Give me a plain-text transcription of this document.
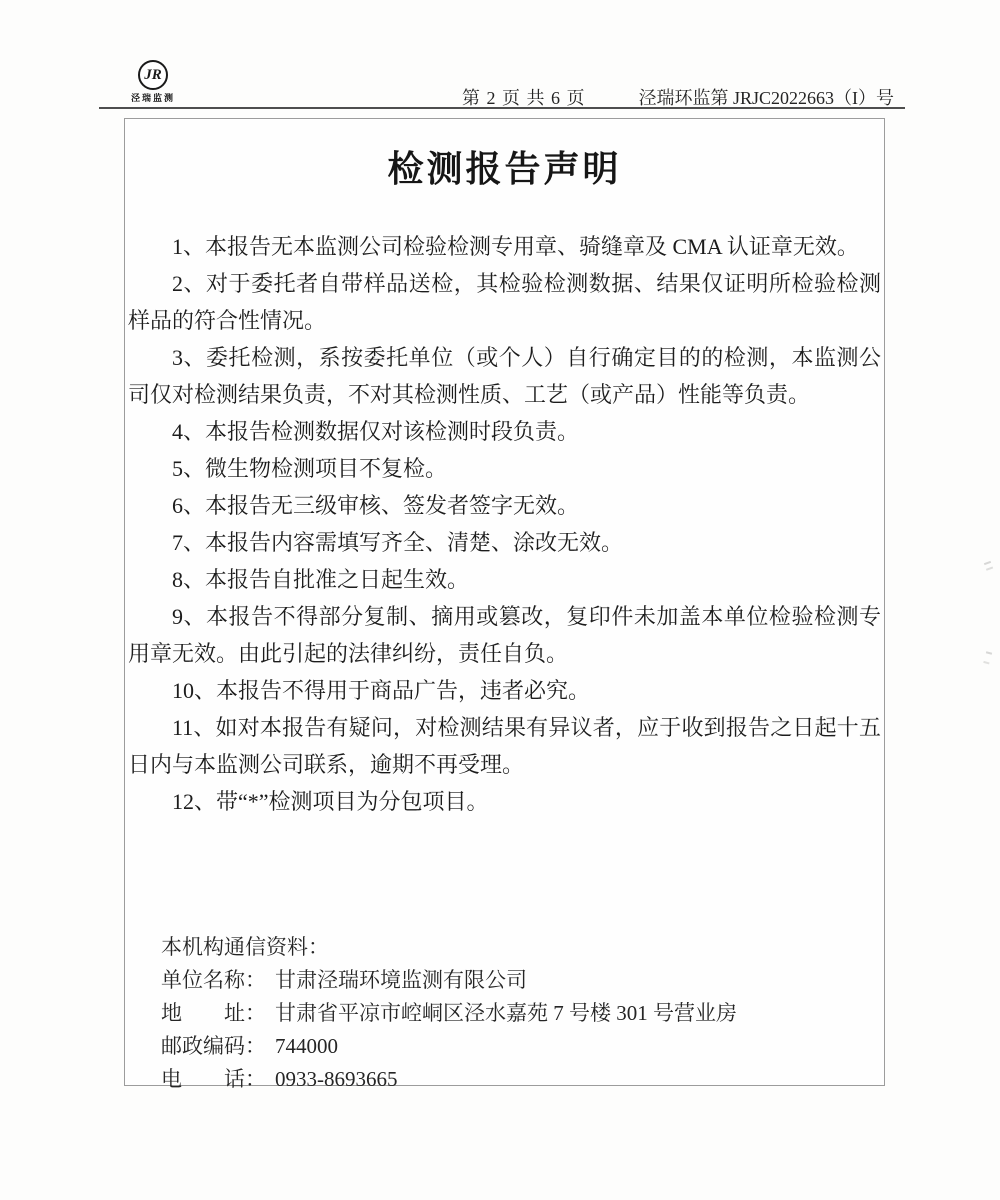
JR
泾瑞监测	第 2 页 共 6 页	泾瑞环监第 JRJC2022663（I）号
检测报告声明

1、本报告无本监测公司检验检测专用章、骑缝章及 CMA 认证章无效。

2、对于委托者自带样品送检，其检验检测数据、结果仅证明所检验检测样品的符合性情况。

3、委托检测，系按委托单位（或个人）自行确定目的的检测，本监测公司仅对检测结果负责，不对其检测性质、工艺（或产品）性能等负责。

4、本报告检测数据仅对该检测时段负责。

5、微生物检测项目不复检。

6、本报告无三级审核、签发者签字无效。

7、本报告内容需填写齐全、清楚、涂改无效。

8、本报告自批准之日起生效。

9、本报告不得部分复制、摘用或篡改，复印件未加盖本单位检验检测专用章无效。由此引起的法律纠纷，责任自负。

10、本报告不得用于商品广告，违者必究。

11、如对本报告有疑问，对检测结果有异议者，应于收到报告之日起十五日内与本监测公司联系，逾期不再受理。

12、带“*”检测项目为分包项目。

本机构通信资料：
单位名称： 甘肃泾瑞环境监测有限公司
地　　址： 甘肃省平凉市崆峒区泾水嘉苑 7 号楼 301 号营业房
邮政编码： 744000
电　　话： 0933-8693665
